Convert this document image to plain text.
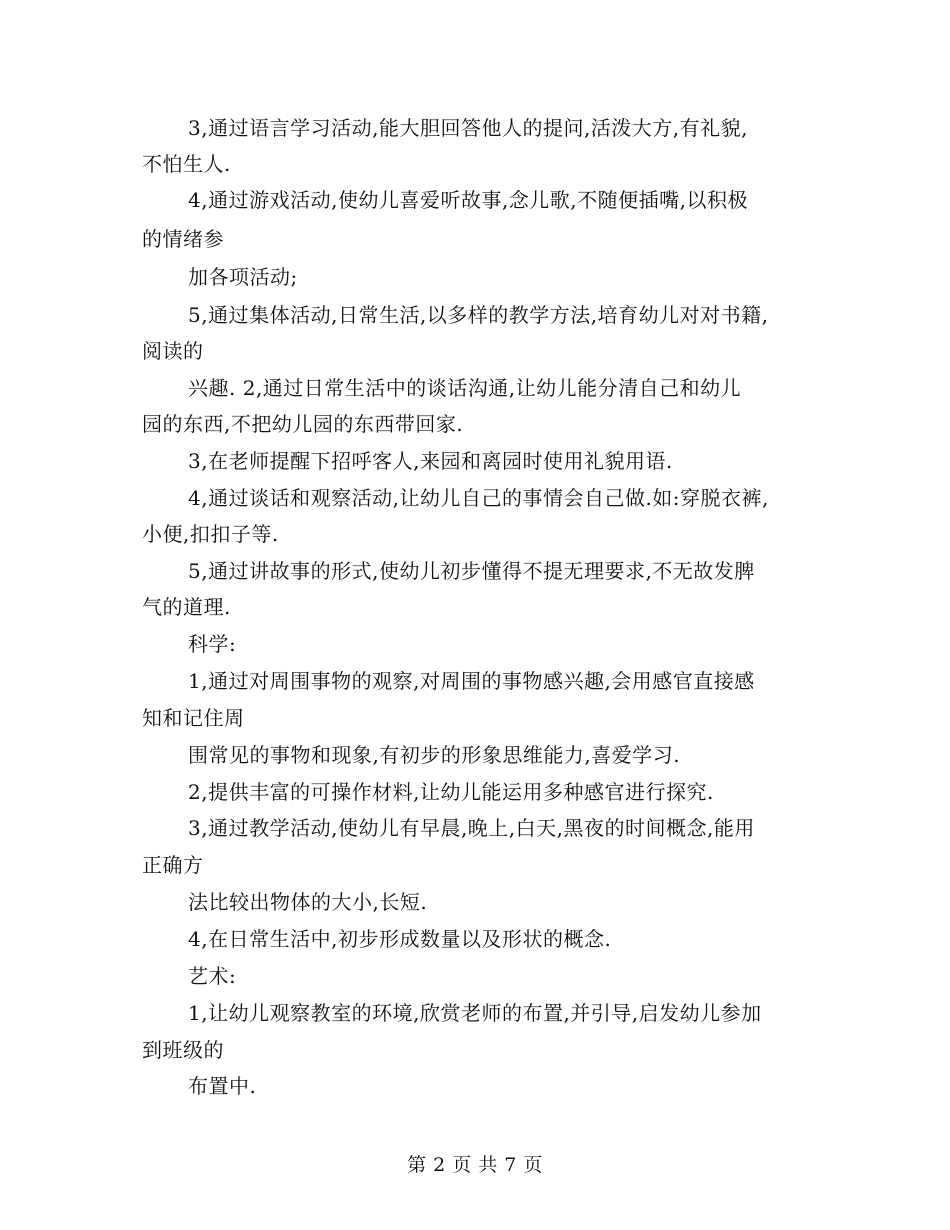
3,通过语言学习活动,能大胆回答他人的提问,活泼大方,有礼貌,
不怕生人.
4,通过游戏活动,使幼儿喜爱听故事,念儿歌,不随便插嘴,以积极
的情绪参
加各项活动;
5,通过集体活动,日常生活,以多样的教学方法,培育幼儿对对书籍,
阅读的
兴趣. 2,通过日常生活中的谈话沟通,让幼儿能分清自己和幼儿
园的东西,不把幼儿园的东西带回家.
3,在老师提醒下招呼客人,来园和离园时使用礼貌用语.
4,通过谈话和观察活动,让幼儿自己的事情会自己做.如:穿脱衣裤,
小便,扣扣子等.
5,通过讲故事的形式,使幼儿初步懂得不提无理要求,不无故发脾
气的道理.
科学:
1,通过对周围事物的观察,对周围的事物感兴趣,会用感官直接感
知和记住周
围常见的事物和现象,有初步的形象思维能力,喜爱学习.
2,提供丰富的可操作材料,让幼儿能运用多种感官进行探究.
3,通过教学活动,使幼儿有早晨,晚上,白天,黑夜的时间概念,能用
正确方
法比较出物体的大小,长短.
4,在日常生活中,初步形成数量以及形状的概念.
艺术:
1,让幼儿观察教室的环境,欣赏老师的布置,并引导,启发幼儿参加
到班级的
布置中.
第 2 页 共 7 页
